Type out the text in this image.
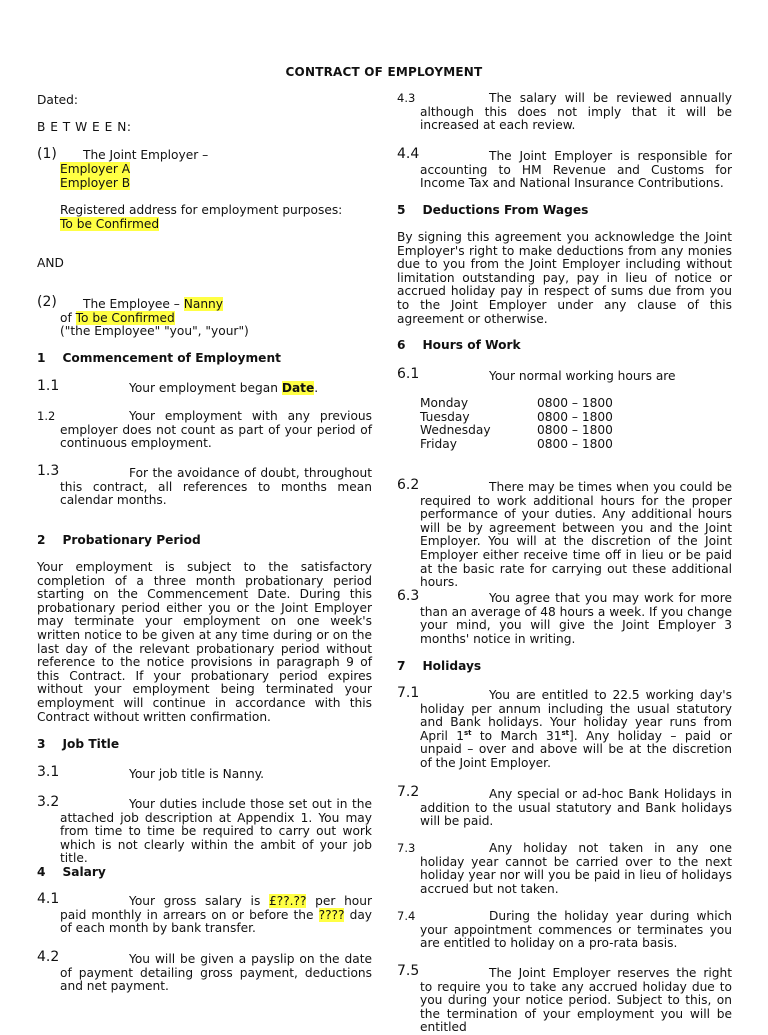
CONTRACT OF EMPLOYMENT
Dated:
B E T W E E N:
(1) The Joint Employer –
Employer A
Employer B
Registered address for employment purposes:
To be Confirmed
AND
(2) The Employee – Nanny
of To be Confirmed
("the Employee" "you", "your")
1    Commencement of Employment
1.1	Your employment began Date.
1.2	Your employment with any previous employer does not count as part of your period of continuous employment.
1.3	For the avoidance of doubt, throughout this contract, all references to months mean calendar months.
2    Probationary Period
Your employment is subject to the satisfactory completion of a three month probationary period starting on the Commencement Date. During this probationary period either you or the Joint Employer may terminate your employment on one week's written notice to be given at any time during or on the last day of the relevant probationary period without reference to the notice provisions in paragraph 9 of this Contract. If your probationary period expires without your employment being terminated your employment will continue in accordance with this Contract without written confirmation.
3    Job Title
3.1	Your job title is Nanny.
3.2	Your duties include those set out in the attached job description at Appendix 1. You may from time to time be required to carry out work which is not clearly within the ambit of your job title.
4    Salary
4.1	Your gross salary is £??.?? per hour paid monthly in arrears on or before the ???? day of each month by bank transfer.
4.2	You will be given a payslip on the date of payment detailing gross payment, deductions and net payment.
4.3	The salary will be reviewed annually although this does not imply that it will be increased at each review.
4.4	The Joint Employer is responsible for accounting to HM Revenue and Customs for Income Tax and National Insurance Contributions.
5    Deductions From Wages
By signing this agreement you acknowledge the Joint Employer's right to make deductions from any monies due to you from the Joint Employer including without limitation outstanding pay, pay in lieu of notice or accrued holiday pay in respect of sums due from you to the Joint Employer under any clause of this agreement or otherwise.
6    Hours of Work
6.1	Your normal working hours are
Monday	0800 – 1800
Tuesday	0800 – 1800
Wednesday	0800 – 1800
Friday	0800 – 1800
6.2	There may be times when you could be required to work additional hours for the proper performance of your duties. Any additional hours will be by agreement between you and the Joint Employer. You will at the discretion of the Joint Employer either receive time off in lieu or be paid at the basic rate for carrying out these additional hours.
6.3	You agree that you may work for more than an average of 48 hours a week. If you change your mind, you will give the Joint Employer 3 months' notice in writing.
7    Holidays
7.1	You are entitled to 22.5 working day's holiday per annum including the usual statutory and Bank holidays. Your holiday year runs from April 1st to March 31st]. Any holiday – paid or unpaid – over and above will be at the discretion of the Joint Employer.
7.2	Any special or ad-hoc Bank Holidays in addition to the usual statutory and Bank holidays will be paid.
7.3	Any holiday not taken in any one holiday year cannot be carried over to the next holiday year nor will you be paid in lieu of holidays accrued but not taken.
7.4	During the holiday year during which your appointment commences or terminates you are entitled to holiday on a pro-rata basis.
7.5	The Joint Employer reserves the right to require you to take any accrued holiday due to you during your notice period. Subject to this, on the termination of your employment you will be entitled
